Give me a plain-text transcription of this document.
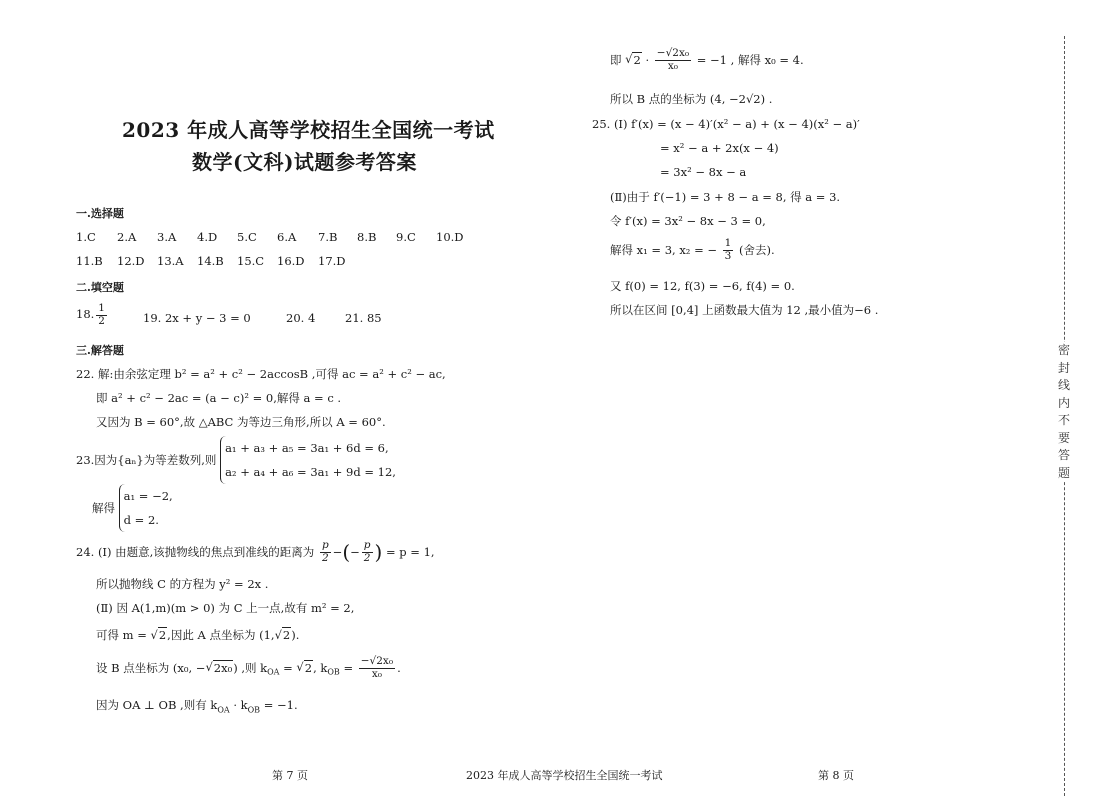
2023 年成人高等学校招生全国统一考试
数学(文科)试题参考答案
一.选择题
1.C 2.A 3.A 4.D 5.C 6.A 7.B 8.B 9.C 10.D
11.B 12.D 13.A 14.B 15.C 16.D 17.D
二.填空题
18. $\frac{1}{2}$	19. 2x + y − 3 = 0	20. 4	21. 85
三.解答题
22. 解:由余弦定理 b² = a² + c² − 2accosB ,可得 ac = a² + c² − ac,
即 a² + c² − 2ac = (a − c)² = 0,解得 a = c .
又因为 B = 60°,故 △ABC 为等边三角形,所以 A = 60°.
23.因为{aₙ}为等差数列,则
a₁ + a₃ + a₅ = 3a₁ + 6d = 6,
a₂ + a₄ + a₆ = 3a₁ + 9d = 12,
解得
a₁ = −2,
d = 2.
24. (Ⅰ) 由题意,该抛物线的焦点到准线的距离为 $\frac{p}{2}$ −(− $\frac{p}{2}$ ) = p = 1,
所以抛物线 C 的方程为 y² = 2x .
(Ⅱ) 因 A(1,m)(m > 0) 为 C 上一点,故有 m² = 2,
可得 m = √2,因此 A 点坐标为 (1,√2).
设 B 点坐标为 (x₀, −√2x₀) ,则 $k_{OA} = √2$, $k_{OB} = \frac{\text{−√2x₀}}{\text{x₀}}$ .
因为 OA ⊥ OB ,则有 $k_{OA} \cdot k_{OB} = -1$.
即 $√2 \cdot \frac{\text{−√2x₀}}{\text{x₀}} = -1$ , 解得 x₀ = 4.
所以 B 点的坐标为 (4, −2√2) .
25. (Ⅰ) f′(x) = (x − 4)′(x² − a) + (x − 4)(x² − a)′
= x² − a + 2x(x − 4)
= 3x² − 8x − a
(Ⅱ)由于 f′(−1) = 3 + 8 − a = 8, 得 a = 3.
令 f′(x) = 3x² − 8x − 3 = 0,
解得 x₁ = 3, x₂ = − $\frac{1}{3}$ (舍去).
又 f(0) = 12, f(3) = −6, f(4) = 0.
所以在区间 [0,4] 上函数最大值为 12 ,最小值为−6 .
密
封
线
内
不
要
答
题
第 7 页	2023 年成人高等学校招生全国统一考试	第 8 页
